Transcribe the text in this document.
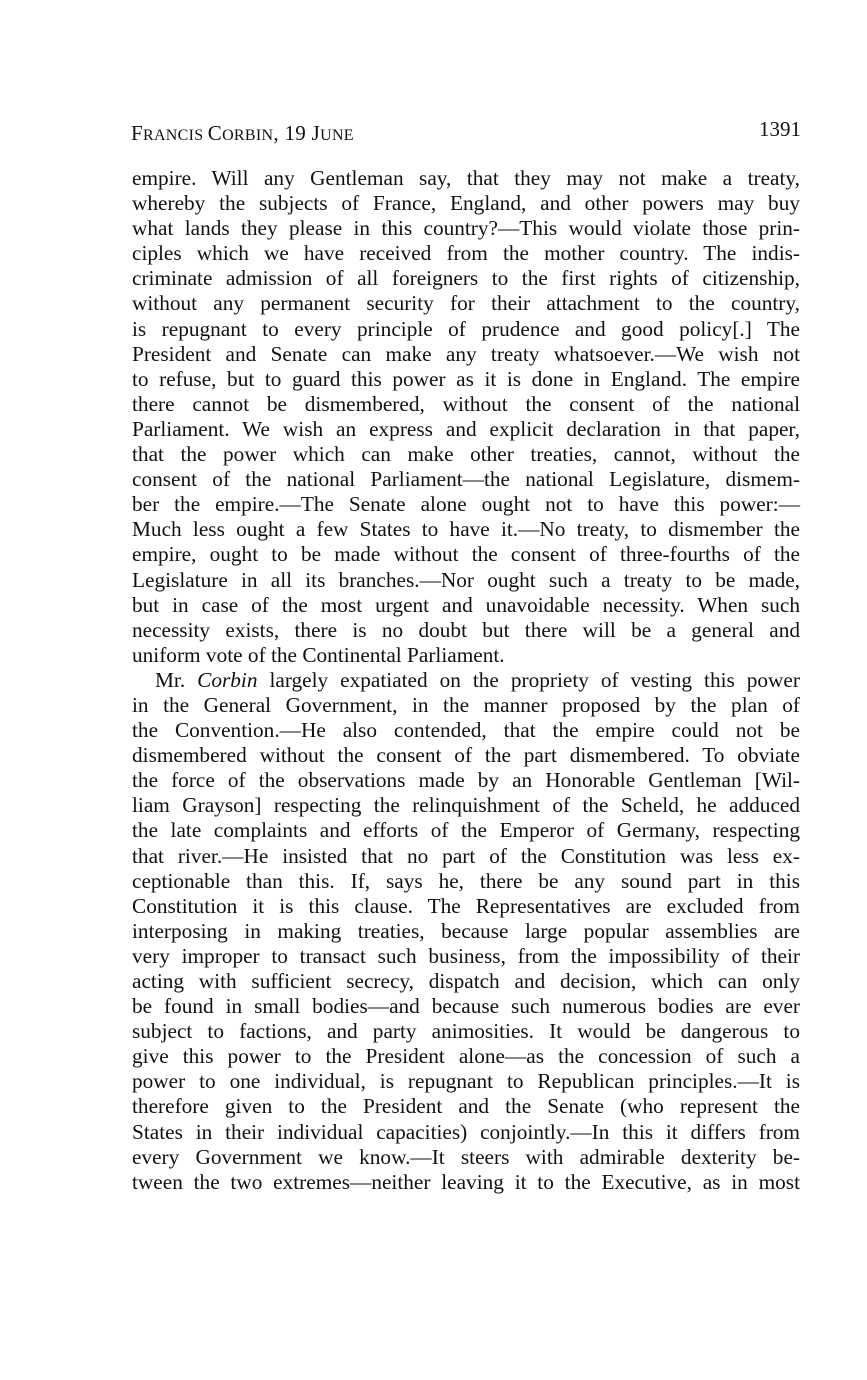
FRANCIS CORBIN, 19 JUNE	1391
empire. Will any Gentleman say, that they may not make a treaty,
whereby the subjects of France, England, and other powers may buy
what lands they please in this country?—This would violate those prin-
ciples which we have received from the mother country. The indis-
criminate admission of all foreigners to the first rights of citizenship,
without any permanent security for their attachment to the country,
is repugnant to every principle of prudence and good policy[.] The
President and Senate can make any treaty whatsoever.—We wish not
to refuse, but to guard this power as it is done in England. The empire
there cannot be dismembered, without the consent of the national
Parliament. We wish an express and explicit declaration in that paper,
that the power which can make other treaties, cannot, without the
consent of the national Parliament—the national Legislature, dismem-
ber the empire.—The Senate alone ought not to have this power:—
Much less ought a few States to have it.—No treaty, to dismember the
empire, ought to be made without the consent of three-fourths of the
Legislature in all its branches.—Nor ought such a treaty to be made,
but in case of the most urgent and unavoidable necessity. When such
necessity exists, there is no doubt but there will be a general and
uniform vote of the Continental Parliament.
Mr. Corbin largely expatiated on the propriety of vesting this power
in the General Government, in the manner proposed by the plan of
the Convention.—He also contended, that the empire could not be
dismembered without the consent of the part dismembered. To obviate
the force of the observations made by an Honorable Gentleman [Wil-
liam Grayson] respecting the relinquishment of the Scheld, he adduced
the late complaints and efforts of the Emperor of Germany, respecting
that river.—He insisted that no part of the Constitution was less ex-
ceptionable than this. If, says he, there be any sound part in this
Constitution it is this clause. The Representatives are excluded from
interposing in making treaties, because large popular assemblies are
very improper to transact such business, from the impossibility of their
acting with sufficient secrecy, dispatch and decision, which can only
be found in small bodies—and because such numerous bodies are ever
subject to factions, and party animosities. It would be dangerous to
give this power to the President alone—as the concession of such a
power to one individual, is repugnant to Republican principles.—It is
therefore given to the President and the Senate (who represent the
States in their individual capacities) conjointly.—In this it differs from
every Government we know.—It steers with admirable dexterity be-
tween the two extremes—neither leaving it to the Executive, as in most
